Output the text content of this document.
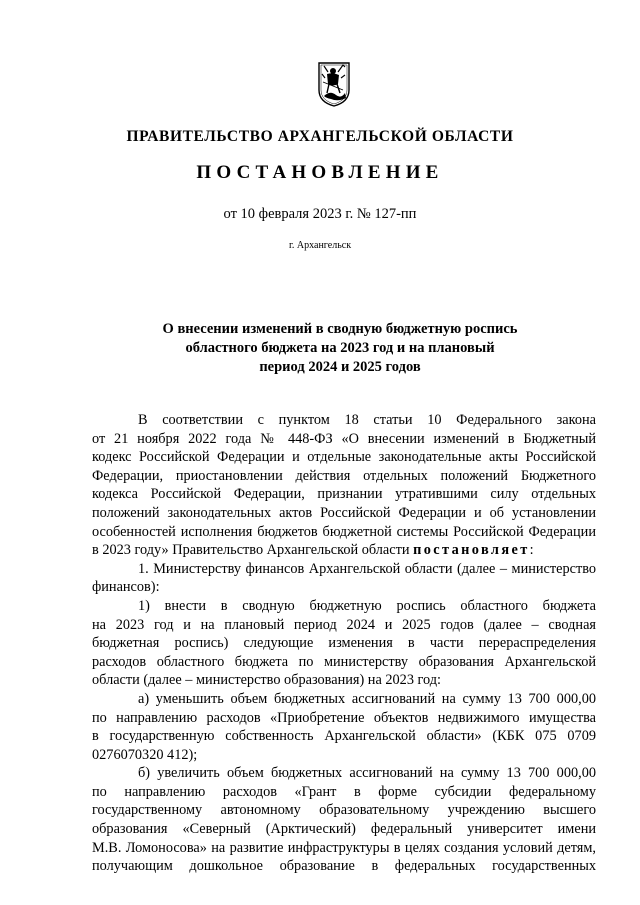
ПРАВИТЕЛЬСТВО АРХАНГЕЛЬСКОЙ ОБЛАСТИ
ПОСТАНОВЛЕНИЕ
от 10 февраля 2023 г. № 127-пп
г. Архангельск
О внесении изменений в сводную бюджетную роспись
областного бюджета на 2023 год и на плановый
период 2024 и 2025 годов
В соответствии с пунктом 18 статьи 10 Федерального закона
от 21 ноября 2022 года № 448-ФЗ «О внесении изменений в Бюджетный
кодекс Российской Федерации и отдельные законодательные акты Российской
Федерации, приостановлении действия отдельных положений Бюджетного
кодекса Российской Федерации, признании утратившими силу отдельных
положений законодательных актов Российской Федерации и об установлении
особенностей исполнения бюджетов бюджетной системы Российской Федерации
в 2023 году» Правительство Архангельской области постановляет:
1. Министерству финансов Архангельской области (далее – министерство
финансов):
1) внести в сводную бюджетную роспись областного бюджета
на 2023 год и на плановый период 2024 и 2025 годов (далее – сводная
бюджетная роспись) следующие изменения в части перераспределения
расходов областного бюджета по министерству образования Архангельской
области (далее – министерство образования) на 2023 год:
а) уменьшить объем бюджетных ассигнований на сумму 13 700 000,00
по направлению расходов «Приобретение объектов недвижимого имущества
в государственную собственность Архангельской области» (КБК 075 0709
0276070320 412);
б) увеличить объем бюджетных ассигнований на сумму 13 700 000,00
по направлению расходов «Грант в форме субсидии федеральному
государственному автономному образовательному учреждению высшего
образования «Северный (Арктический) федеральный университет имени
М.В. Ломоносова» на развитие инфраструктуры в целях создания условий детям,
получающим дошкольное образование в федеральных государственных
